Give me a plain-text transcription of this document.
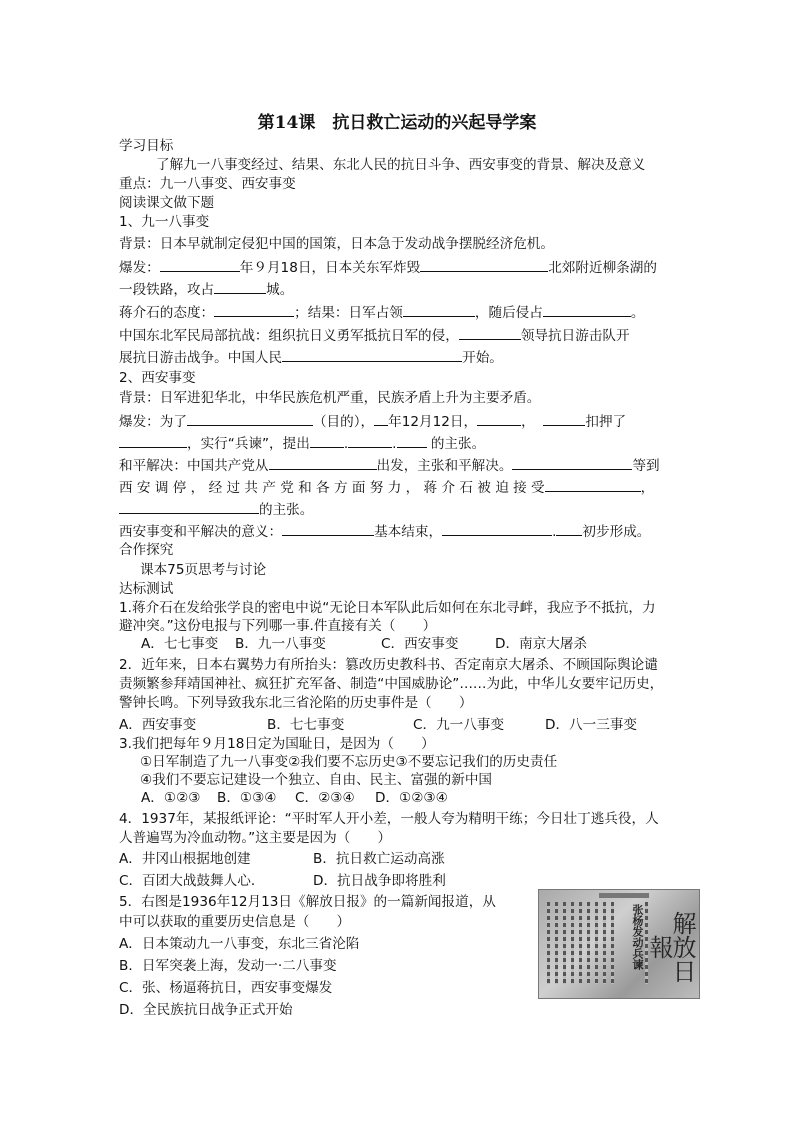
第14课　抗日救亡运动的兴起导学案
学习目标
了解九一八事变经过、结果、东北人民的抗日斗争、西安事变的背景、解决及意义
重点：九一八事变、西安事变
阅读课文做下题
1、九一八事变
背景：日本早就制定侵犯中国的国策，日本急于发动战争摆脱经济危机。
爆发：	年９月18日，日本关东军炸毁	北郊附近柳条湖的
一段铁路，攻占	城。
蒋介石的态度：	；结果：日军占领	，随后侵占	。
中国东北军民局部抗战：组织抗日义勇军抵抗日军的侵，	领导抗日游击队开
展抗日游击战争。中国人民	开始。
2、西安事变
背景：日军进犯华北，中华民族危机严重，民族矛盾上升为主要矛盾。
爆发：为了	（目的）， 年12月12日，	，	扣押了
，实行“兵谏”，提出	.	.	的主张。
和平解决：中国共产党从	出发，主张和平解决。	等到
西 安 调 停 ， 经 过 共 产 党 和 各 方 面 努 力 ， 蒋 介 石 被 迫 接 受	，
的主张。
西安事变和平解决的意义：	基本结束，	. 初步形成。
合作探究
课本75页思考与讨论
达标测试
1.蒋介石在发给张学良的密电中说“无论日本军队此后如何在东北寻衅，我应予不抵抗，力
避冲突。”这份电报与下列哪一事.件直接有关（　　）
A．七七事变 B．九一八事变	C．西安事变	D．南京大屠杀
2．近年来，日本右翼势力有所抬头：篡改历史教科书、否定南京大屠杀、不顾国际舆论谴
责频繁参拜靖国神社、疯狂扩充军备、制造“中国威胁论”……为此，中华儿女要牢记历史，
警钟长鸣。下列导致我东北三省沦陷的历史事件是（　　）
A．西安事变	B．七七事变	C．九一八事变	D．八一三事变
3.我们把每年９月18日定为国耻日，是因为（　　）
①日军制造了九一八事变②我们要不忘历史③不要忘记我们的历史责任
④我们不要忘记建设一个独立、自由、民主、富强的新中国
A．①②③ B．①③④ C．②③④ D．①②③④
4．1937年，某报纸评论：“平时军人开小差，一般人夸为精明干练；今日壮丁逃兵役，人
人普遍骂为冷血动物。”这主要是因为（　　）
A．井冈山根据地创建	B．抗日救亡运动高涨
C．百团大战鼓舞人心．	D．抗日战争即将胜利
5．右图是1936年12月13日《解放日报》的一篇新闻报道，从
中可以获取的重要历史信息是（　　）
A．日本策动九一八事变，东北三省沦陷
B．日军突袭上海，发动一·二八事变
C．张、杨逼蒋抗日，西安事变爆发
D．全民族抗日战争正式开始
张杨发动兵谏	解放日報
